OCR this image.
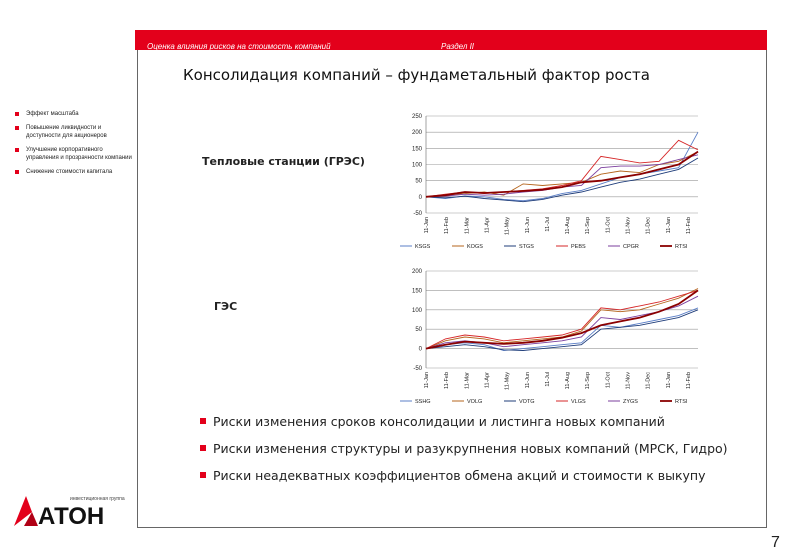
Оценка влияния рисков на стоимость компаний	Раздел II
Консолидация компаний – фундаметальный фактор роста
Эффект масштаба
Повышение ликвидности и доступности для акционеров
Улучшение корпоративного управления и прозрачности компании
Снижение стоимости капитала
Тепловые станции (ГРЭС)
ГЭС
-50
0
50
100
150
200
250
11-Jan	11-Feb	11-Mar	11-Apr	11-May	11-Jun	11-Jul	11-Aug	11-Sep	11-Oct	11-Nov	11-Dec	11-Jan	11-Feb
KSGS	KOGS	STGS	PEBS	CPGR	RTSI
-50
0
50
100
150
200
11-Jan	11-Feb	11-Mar	11-Apr	11-May	11-Jun	11-Jul	11-Aug	11-Sep	11-Oct	11-Nov	11-Dec	11-Jan	11-Feb
SSHG	VOLG	VOTG	VLGS	ZYGS	RTSI
Риски изменения сроков консолидации и листинга новых компаний
Риски изменения структуры и разукрупнения новых компаний (МРСК, Гидро)
Риски неадекватных коэффициентов обмена акций и стоимости к выкупу
инвестиционная группа
АТОН
7
